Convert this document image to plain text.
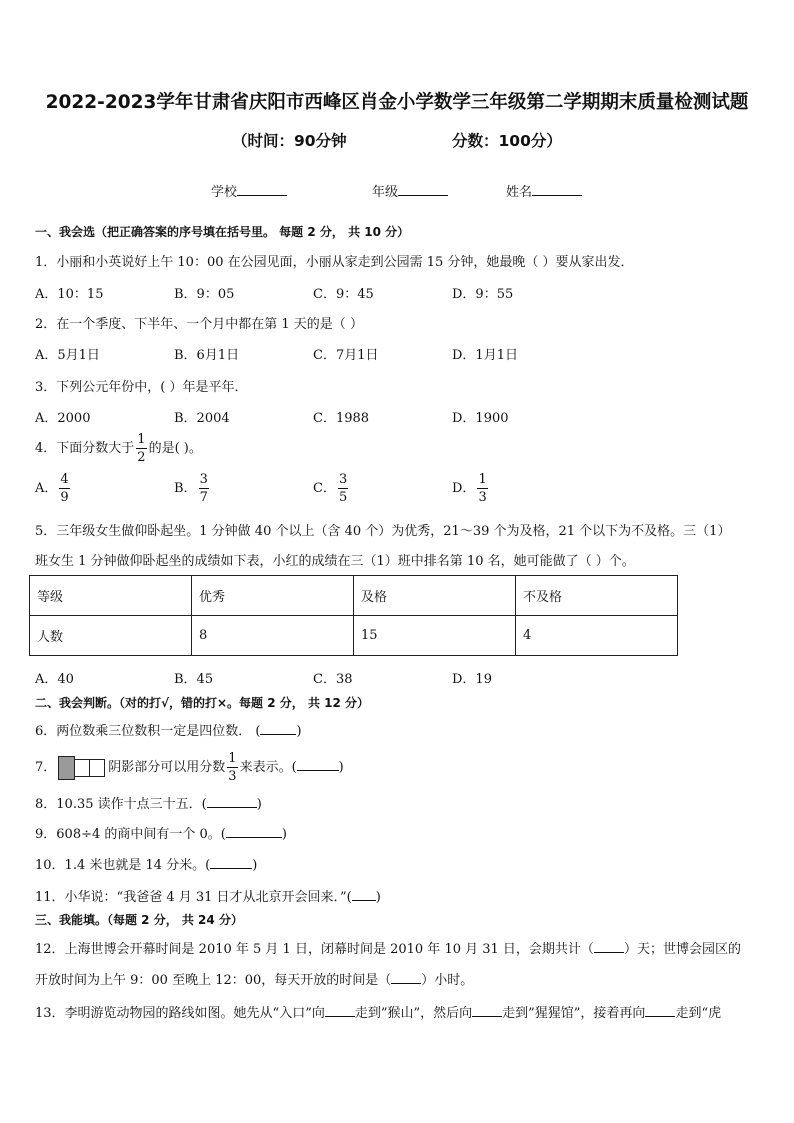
2022-2023学年甘肃省庆阳市西峰区肖金小学数学三年级第二学期期末质量检测试题
（时间：90分钟	分数：100分）
学校	年级	姓名
一、我会选（把正确答案的序号填在括号里。 每题 2 分， 共 10 分）
1．小丽和小英说好上午 10：00 在公园见面，小丽从家走到公园需 15 分钟，她最晚（ ）要从家出发．
A．10：15	B．9：05	C．9：45	D．9：55
2．在一个季度、下半年、一个月中都在第 1 天的是（ ）
A．5月1日	B．6月1日	C．7月1日	D．1月1日
3．下列公元年份中，( ）年是平年．
A．2000	B．2004	C．1988	D．1900
4．下面分数大于 $\frac{1}{2}$ 的是( )。
A． $\frac{4}{9}$	B． $\frac{3}{7}$	C． $\frac{3}{5}$	D． $\frac{1}{3}$
5．三年级女生做仰卧起坐。1 分钟做 40 个以上（含 40 个）为优秀，21～39 个为及格，21 个以下为不及格。三（1）
班女生 1 分钟做仰卧起坐的成绩如下表，小红的成绩在三（1）班中排名第 10 名，她可能做了（ ）个。
等级	优秀	及格	不及格
人数	8	15	4
A．40	B．45	C．38	D．19
二、我会判断。（对的打√，错的打×。每题 2 分， 共 12 分）
6．两位数乘三位数积一定是四位数． (	)
7．	阴影部分可以用分数 $\frac{1}{3}$ 来表示。(	)
8．10.35 读作十点三十五．(	)
9．608÷4 的商中间有一个 0。(	)
10．1.4 米也就是 14 分米。(	)
11．小华说：“我爸爸 4 月 31 日才从北京开会回来．”( )
三、我能填。（每题 2 分， 共 24 分）
12．上海世博会开幕时间是 2010 年 5 月 1 日，闭幕时间是 2010 年 10 月 31 日，会期共计（ ）天；世博会园区的
开放时间为上午 9：00 至晚上 12：00，每天开放的时间是（ ）小时。
13．李明游览动物园的路线如图。她先从“入口”向 走到”猴山”，然后向 走到”猩猩馆”，接着再向 走到“虎
